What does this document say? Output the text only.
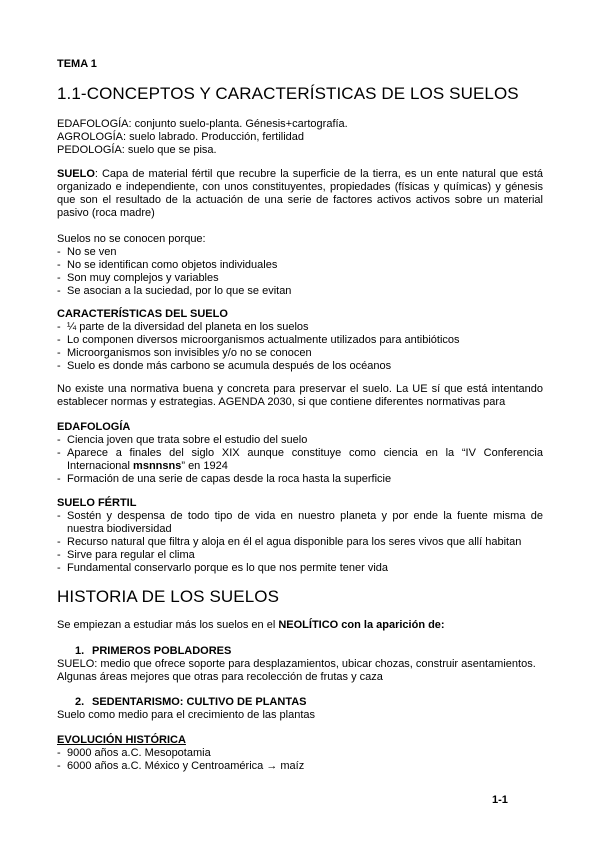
TEMA 1
1.1-CONCEPTOS Y CARACTERÍSTICAS DE LOS SUELOS
EDAFOLOGÍA: conjunto suelo-planta. Génesis+cartografía.
AGROLOGÍA: suelo labrado. Producción, fertilidad
PEDOLOGÍA: suelo que se pisa.
SUELO: Capa de material fértil que recubre la superficie de la tierra, es un ente natural que está organizado e independiente, con unos constituyentes, propiedades (físicas y químicas) y génesis que son el resultado de la actuación de una serie de factores activos activos sobre un material pasivo (roca madre)
Suelos no se conocen porque:
- No se ven
- No se identifican como objetos individuales
- Son muy complejos y variables
- Se asocian a la suciedad, por lo que se evitan
CARACTERÍSTICAS DEL SUELO
- ¼ parte de la diversidad del planeta en los suelos
- Lo componen diversos microorganismos actualmente utilizados para antibióticos
- Microorganismos son invisibles y/o no se conocen
- Suelo es donde más carbono se acumula después de los océanos
No existe una normativa buena y concreta para preservar el suelo. La UE sí que está intentando establecer normas y estrategias. AGENDA 2030, si que contiene diferentes normativas para
EDAFOLOGÍA
- Ciencia joven que trata sobre el estudio del suelo
- Aparece a finales del siglo XIX aunque constituye como ciencia en la “IV Conferencia Internacional msnnsns” en 1924
- Formación de una serie de capas desde la roca hasta la superficie
SUELO FÉRTIL
- Sostén y despensa de todo tipo de vida en nuestro planeta y por ende la fuente misma de nuestra biodiversidad
- Recurso natural que filtra y aloja en él el agua disponible para los seres vivos que allí habitan
- Sirve para regular el clima
- Fundamental conservarlo porque es lo que nos permite tener vida
HISTORIA DE LOS SUELOS
Se empiezan a estudiar más los suelos en el NEOLÍTICO con la aparición de:
1. PRIMEROS POBLADORES
SUELO: medio que ofrece soporte para desplazamientos, ubicar chozas, construir asentamientos. Algunas áreas mejores que otras para recolección de frutas y caza
2. SEDENTARISMO: CULTIVO DE PLANTAS
Suelo como medio para el crecimiento de las plantas
EVOLUCIÓN HISTÓRICA
- 9000 años a.C. Mesopotamia
- 6000 años a.C. México y Centroamérica → maíz
1-1
